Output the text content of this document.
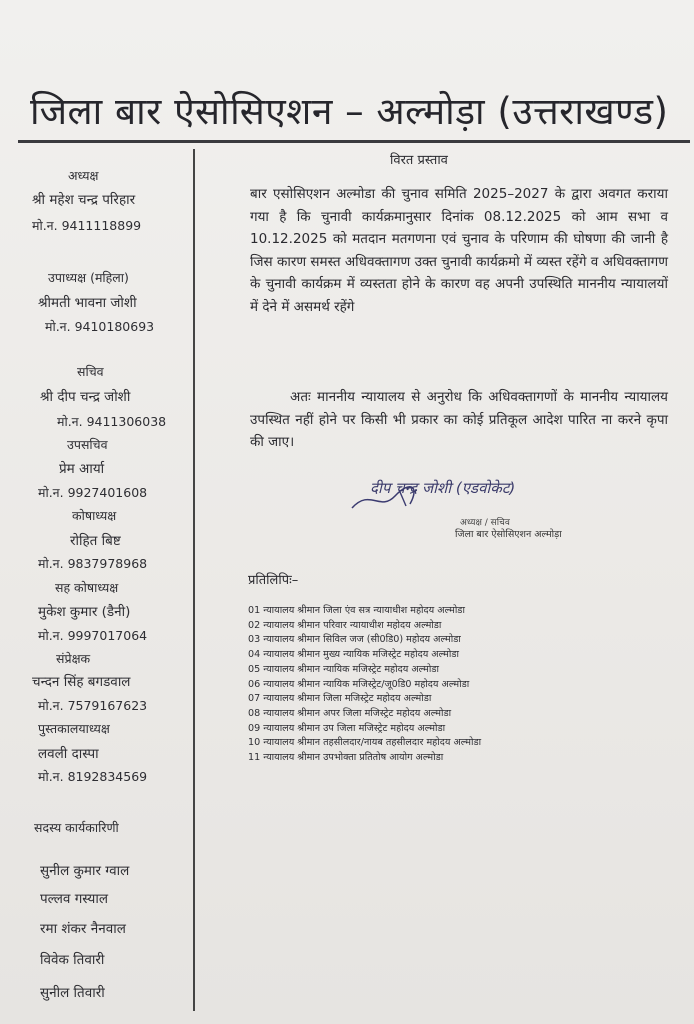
जिला बार ऐसोसिएशन – अल्मोड़ा (उत्तराखण्ड)
अध्यक्ष
श्री महेश चन्द्र परिहार
मो.न. 9411118899
उपाध्यक्ष (महिला)
श्रीमती भावना जोशी
मो.न. 9410180693
सचिव
श्री दीप चन्द्र जोशी
मो.न. 9411306038
उपसचिव
प्रेम आर्या
मो.न. 9927401608
कोषाध्यक्ष
रोहित बिष्ट
मो.न. 9837978968
सह कोषाध्यक्ष
मुकेश कुमार (डैनी)
मो.न. 9997017064
संप्रेक्षक
चन्दन सिंह बगडवाल
मो.न. 7579167623
पुस्तकालयाध्यक्ष
लवली दास्पा
मो.न. 8192834569
सदस्य कार्यकारिणी
सुनील कुमार ग्वाल
पल्लव गस्याल
रमा शंकर नैनवाल
विवेक तिवारी
सुनील तिवारी
विरत प्रस्ताव
बार एसोसिएशन अल्मोडा की चुनाव समिति 2025–2027 के द्वारा अवगत कराया गया है कि चुनावी कार्यक्रमानुसार दिनांक 08.12.2025 को आम सभा व 10.12.2025 को मतदान मतगणना एवं चुनाव के परिणाम की घोषणा की जानी है जिस कारण समस्त अधिवक्तागण उक्त चुनावी कार्यक्रमो में व्यस्त रहेंगे व अधिवक्तागण के चुनावी कार्यक्रम में व्यस्तता होने के कारण वह अपनी उपस्थिति माननीय न्यायालयों में देने में असमर्थ रहेंगे
अतः माननीय न्यायालय से अनुरोध कि अधिवक्तागणों के माननीय न्यायालय उपस्थित नहीं होने पर किसी भी प्रकार का कोई प्रतिकूल आदेश पारित ना करने कृपा की जाए।
दीप चन्द्र जोशी (एडवोकेट)
अध्यक्ष / सचिव
जिला बार ऐसोसिएशन अल्मोड़ा
प्रतिलिपिः–
01 न्यायालय श्रीमान जिला एंव सत्र न्यायाधीश महोदय अल्मोडा
02 न्यायालय श्रीमान परिवार न्यायाधीश महोदय अल्मोडा
03 न्यायालय श्रीमान सिविल जज (सी0डि0) महोदय अल्मोडा
04 न्यायालय श्रीमान मुख्य न्यायिक मजिस्ट्रेट महोदय अल्मोडा
05 न्यायालय श्रीमान न्यायिक मजिस्ट्रेट महोदय अल्मोडा
06 न्यायालय श्रीमान न्यायिक मजिस्ट्रेट/जू0डि0 महोदय अल्मोडा
07 न्यायालय श्रीमान जिला मजिस्ट्रेट महोदय अल्मोडा
08 न्यायालय श्रीमान अपर जिला मजिस्ट्रेट महोदय अल्मोडा
09 न्यायालय श्रीमान उप जिला मजिस्ट्रेट महोदय अल्मोडा
10 न्यायालय श्रीमान तहसीलदार/नायब तहसीलदार महोदय अल्मोडा
11 न्यायालय श्रीमान उपभोक्ता प्रतितोष आयोग अल्मोडा
